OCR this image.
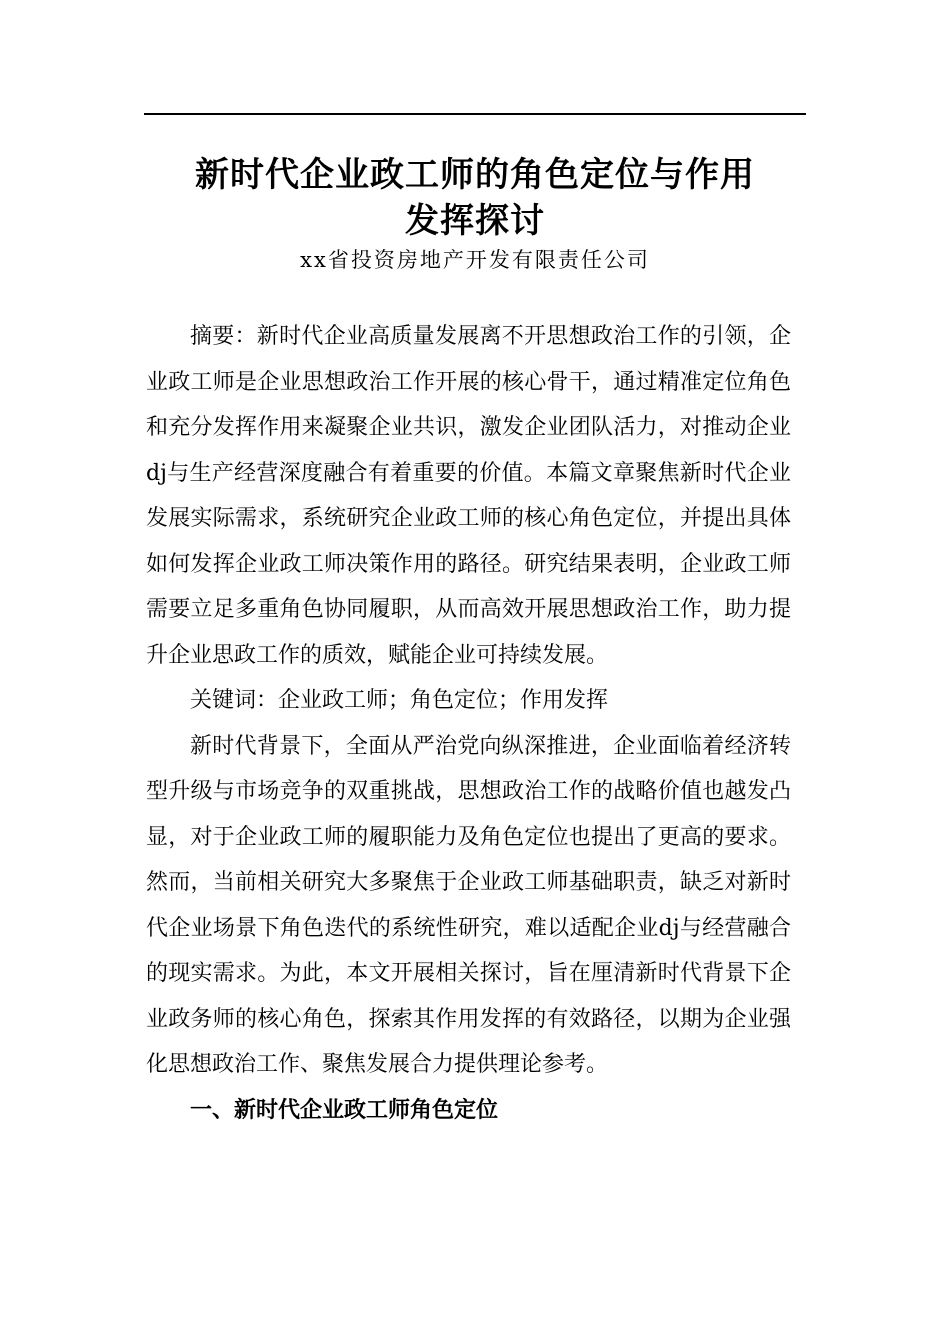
新时代企业政工师的角色定位与作用
发挥探讨

xx省投资房地产开发有限责任公司

摘要：新时代企业高质量发展离不开思想政治工作的引领，企业政工师是企业思想政治工作开展的核心骨干，通过精准定位角色和充分发挥作用来凝聚企业共识，激发企业团队活力，对推动企业dj与生产经营深度融合有着重要的价值。本篇文章聚焦新时代企业发展实际需求，系统研究企业政工师的核心角色定位，并提出具体如何发挥企业政工师决策作用的路径。研究结果表明，企业政工师需要立足多重角色协同履职，从而高效开展思想政治工作，助力提升企业思政工作的质效，赋能企业可持续发展。

关键词：企业政工师；角色定位；作用发挥

新时代背景下，全面从严治党向纵深推进，企业面临着经济转型升级与市场竞争的双重挑战，思想政治工作的战略价值也越发凸显，对于企业政工师的履职能力及角色定位也提出了更高的要求。然而，当前相关研究大多聚焦于企业政工师基础职责，缺乏对新时代企业场景下角色迭代的系统性研究，难以适配企业dj与经营融合的现实需求。为此，本文开展相关探讨，旨在厘清新时代背景下企业政务师的核心角色，探索其作用发挥的有效路径，以期为企业强化思想政治工作、聚焦发展合力提供理论参考。

一、新时代企业政工师角色定位
